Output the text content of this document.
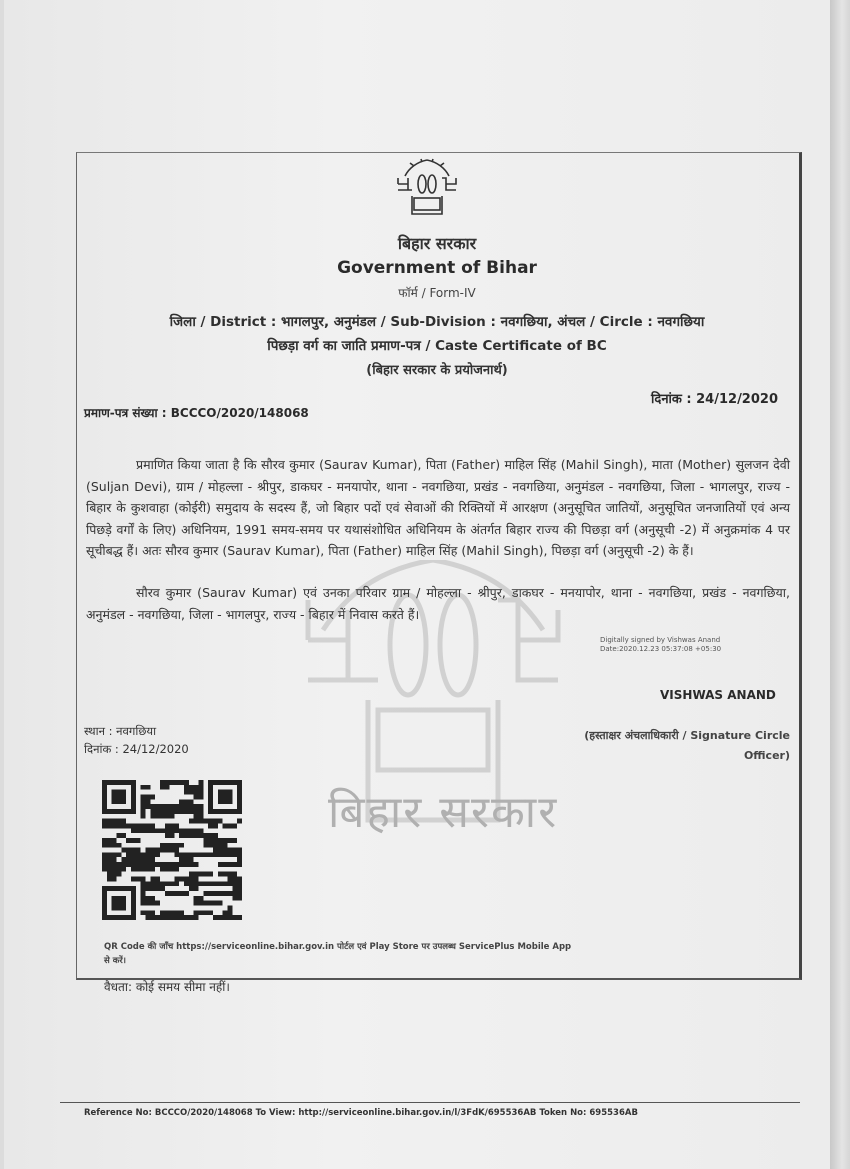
बिहार सरकार
बिहार सरकार
Government of Bihar
फॉर्म / Form-IV
जिला / District : भागलपुर, अनुमंडल / Sub-Division : नवगछिया, अंचल / Circle : नवगछिया
पिछड़ा वर्ग का जाति प्रमाण-पत्र / Caste Certificate of BC
(बिहार सरकार के प्रयोजनार्थ)
दिनांक : 24/12/2020
प्रमाण-पत्र संख्या : BCCCO/2020/148068
प्रमाणित किया जाता है कि सौरव कुमार (Saurav Kumar), पिता (Father) माहिल सिंह (Mahil Singh), माता (Mother) सुलजन देवी (Suljan Devi), ग्राम / मोहल्ला - श्रीपुर, डाकघर - मनयापोर, थाना - नवगछिया, प्रखंड - नवगछिया, अनुमंडल - नवगछिया, जिला - भागलपुर, राज्य - बिहार के कुशवाहा (कोईरी) समुदाय के सदस्य हैं, जो बिहार पदों एवं सेवाओं की रिक्तियों में आरक्षण (अनुसूचित जातियों, अनुसूचित जनजातियों एवं अन्य पिछड़े वर्गों के लिए) अधिनियम, 1991 समय-समय पर यथासंशोधित अधिनियम के अंतर्गत बिहार राज्य की पिछड़ा वर्ग (अनुसूची -2) में अनुक्रमांक 4 पर सूचीबद्ध हैं। अतः सौरव कुमार (Saurav Kumar), पिता (Father) माहिल सिंह (Mahil Singh), पिछड़ा वर्ग (अनुसूची -2) के हैं।
सौरव कुमार (Saurav Kumar) एवं उनका परिवार ग्राम / मोहल्ला - श्रीपुर, डाकघर - मनयापोर, थाना - नवगछिया, प्रखंड - नवगछिया, अनुमंडल - नवगछिया, जिला - भागलपुर, राज्य - बिहार में निवास करते हैं।
Digitally signed by Vishwas Anand
Date:2020.12.23 05:37:08 +05:30
VISHWAS ANAND
(हस्ताक्षर अंचलाधिकारी / Signature Circle Officer)
स्थान : नवगछिया
दिनांक : 24/12/2020
QR Code की जाँच https://serviceonline.bihar.gov.in पोर्टल एवं Play Store पर उपलब्ध ServicePlus Mobile App से करें।
वैधता: कोई समय सीमा नहीं।
Reference No: BCCCO/2020/148068 To View: http://serviceonline.bihar.gov.in/l/3FdK/695536AB Token No: 695536AB
